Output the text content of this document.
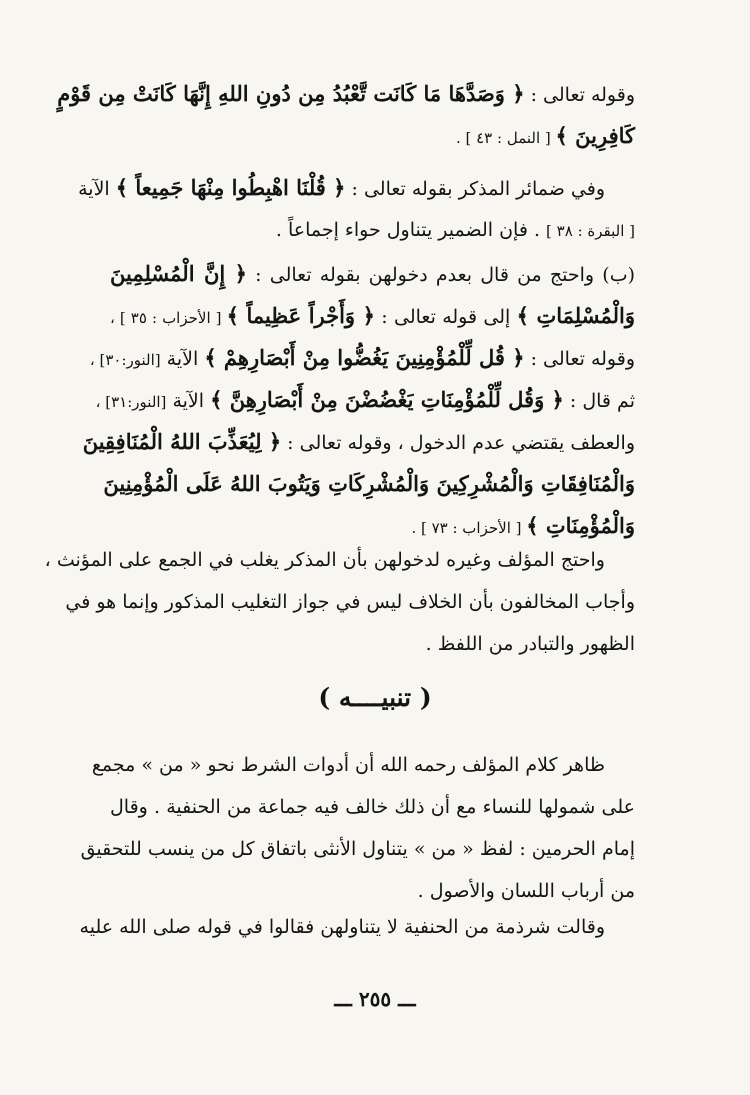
وقوله تعالى : ﴿ وَصَدَّهَا مَا كَانَت تَّعْبُدُ مِن دُونِ اللهِ إِنَّهَا كَانَتْ مِن قَوْمٍ
كَافِرِينَ ﴾ [ النمل : ٤٣ ] .
وفي ضمائر المذكر بقوله تعالى : ﴿ قُلْنَا اهْبِطُوا مِنْهَا جَمِيعاً ﴾ الآية
[ البقرة : ٣٨ ] . فإن الضمير يتناول حواء إجماعاً .
(ب) واحتج من قال بعدم دخولهن بقوله تعالى : ﴿ إِنَّ الْمُسْلِمِينَ
وَالْمُسْلِمَاتِ ﴾ إلى قوله تعالى : ﴿ وَأَجْراً عَظِيماً ﴾ [ الأحزاب : ٣٥ ] ،
وقوله تعالى : ﴿ قُل لِّلْمُؤْمِنِينَ يَغُضُّوا مِنْ أَبْصَارِهِمْ ﴾ الآية [النور:٣٠] ،
ثم قال : ﴿ وَقُل لِّلْمُؤْمِنَاتِ يَغْضُضْنَ مِنْ أَبْصَارِهِنَّ ﴾ الآية [النور:٣١] ،
والعطف يقتضي عدم الدخول ، وقوله تعالى : ﴿ لِيُعَذِّبَ اللهُ الْمُنَافِقِينَ
وَالْمُنَافِقَاتِ وَالْمُشْرِكِينَ وَالْمُشْرِكَاتِ وَيَتُوبَ اللهُ عَلَى الْمُؤْمِنِينَ
وَالْمُؤْمِنَاتِ ﴾ [ الأحزاب : ٧٣ ] .
واحتج المؤلف وغيره لدخولهن بأن المذكر يغلب في الجمع على المؤنث ،
وأجاب المخالفون بأن الخلاف ليس في جواز التغليب المذكور وإنما هو في
الظهور والتبادر من اللفظ .
( تنبيــــه )
ظاهر كلام المؤلف رحمه الله أن أدوات الشرط نحو « من » مجمع
على شمولها للنساء مع أن ذلك خالف فيه جماعة من الحنفية . وقال
إمام الحرمين : لفظ « من » يتناول الأنثى باتفاق كل من ينسب للتحقيق
من أرباب اللسان والأصول .
وقالت شرذمة من الحنفية لا يتناولهن فقالوا في قوله صلى الله عليه
ـــ ٢٥٥ ـــ
